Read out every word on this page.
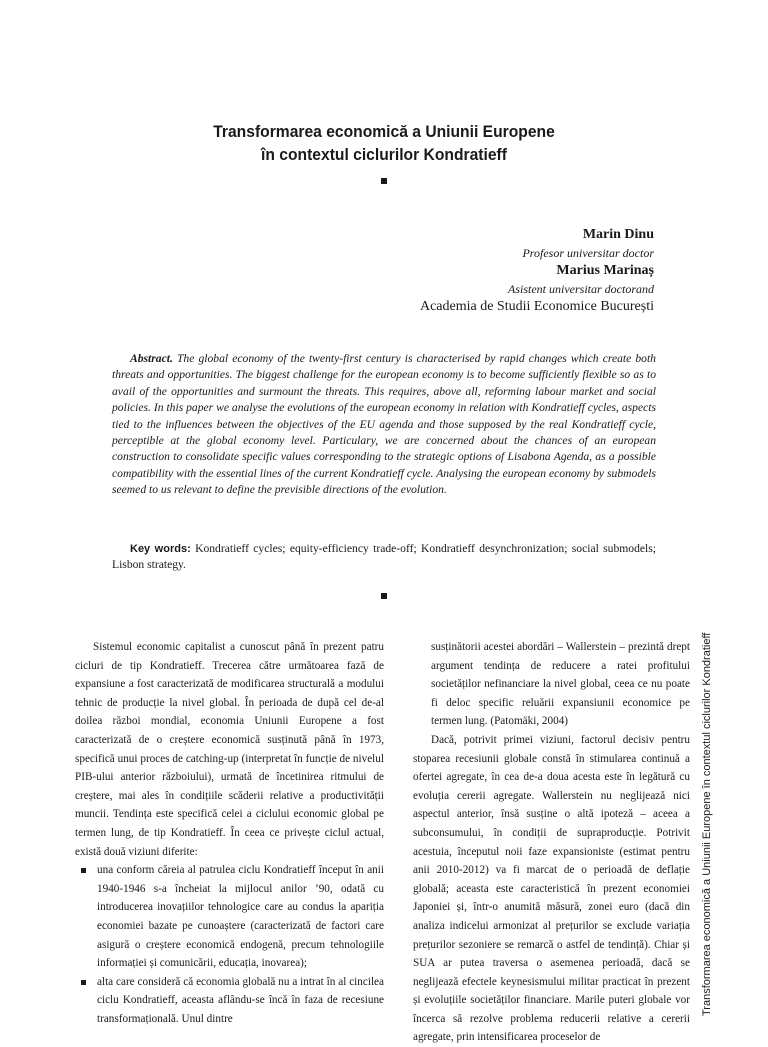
Transformarea economică a Uniunii Europene
în contextul ciclurilor Kondratieff
Marin Dinu
Profesor universitar doctor
Marius Marinaș
Asistent universitar doctorand
Academia de Studii Economice București

Abstract. The global economy of the twenty-first century is characterised by rapid changes which create both threats and opportunities. The biggest challenge for the european economy is to become sufficiently flexible so as to avail of the opportunities and surmount the threats. This requires, above all, reforming labour market and social policies. In this paper we analyse the evolutions of the european economy in relation with Kondratieff cycles, aspects tied to the influences between the objectives of the EU agenda and those supposed by the real Kondratieff cycle, perceptible at the global economy level. Particulary, we are concerned about the chances of an european construction to consolidate specific values corresponding to the strategic options of Lisabona Agenda, as a possible compatibility with the essential lines of the current Kondratieff cycle. Analysing the european economy by submodels seemed to us relevant to define the previsible directions of the evolution.

Key words: Kondratieff cycles; equity-efficiency trade-off; Kondratieff desynchronization; social submodels; Lisbon strategy.

Sistemul economic capitalist a cunoscut până în prezent patru cicluri de tip Kondratieff. Trecerea către următoarea fază de expansiune a fost caracterizată de modificarea structurală a modului tehnic de producție la nivel global. În perioada de după cel de-al doilea război mondial, economia Uniunii Europene a fost caracterizată de o creștere economică susținută până în 1973, specifică unui proces de catching-up (interpretat în funcție de nivelul PIB-ului anterior războiului), urmată de încetinirea ritmului de creștere, mai ales în condițiile scăderii relative a productivității muncii. Tendința este specifică celei a ciclului economic global pe termen lung, de tip Kondratieff. În ceea ce privește ciclul actual, există două viziuni diferite:

una conform căreia al patrulea ciclu Kondratieff început în anii 1940-1946 s-a încheiat la mijlocul anilor ’90, odată cu introducerea inovațiilor tehnologice care au condus la apariția economiei bazate pe cunoaștere (caracterizată de factori care asigură o creștere economică endogenă, precum tehnologiile informației și comunicării, educația, inovarea);
alta care consideră că economia globală nu a intrat în al cincilea ciclu Kondratieff, aceasta aflându-se încă în faza de recesiune transformațională. Unul dintre

susținătorii acestei abordări – Wallerstein – prezintă drept argument tendința de reducere a ratei profitului societăților nefinanciare la nivel global, ceea ce nu poate fi deloc specific reluării expansiunii economice pe termen lung. (Patomäki, 2004)

Dacă, potrivit primei viziuni, factorul decisiv pentru stoparea recesiunii globale constă în stimularea continuă a ofertei agregate, în cea de-a doua acesta este în legătură cu evoluția cererii agregate. Wallerstein nu neglijează nici aspectul anterior, însă susține o altă ipoteză – aceea a subconsumului, în condiții de supraproducție. Potrivit acestuia, începutul noii faze expansioniste (estimat pentru anii 2010-2012) va fi marcat de o perioadă de deflație globală; aceasta este caracteristică în prezent economiei Japoniei și, într-o anumită măsură, zonei euro (dacă din analiza indicelui armonizat al prețurilor se exclude variația prețurilor sezoniere se remarcă o astfel de tendință). Chiar și SUA ar putea traversa o asemenea perioadă, dacă se neglijează efectele keynesismului militar practicat în prezent și evoluțiile societăților financiare. Marile puteri globale vor încerca să rezolve problema reducerii relative a cererii agregate, prin intensificarea proceselor de

Transformarea economică a Uniunii Europene în contextul ciclurilor Kondratieff
